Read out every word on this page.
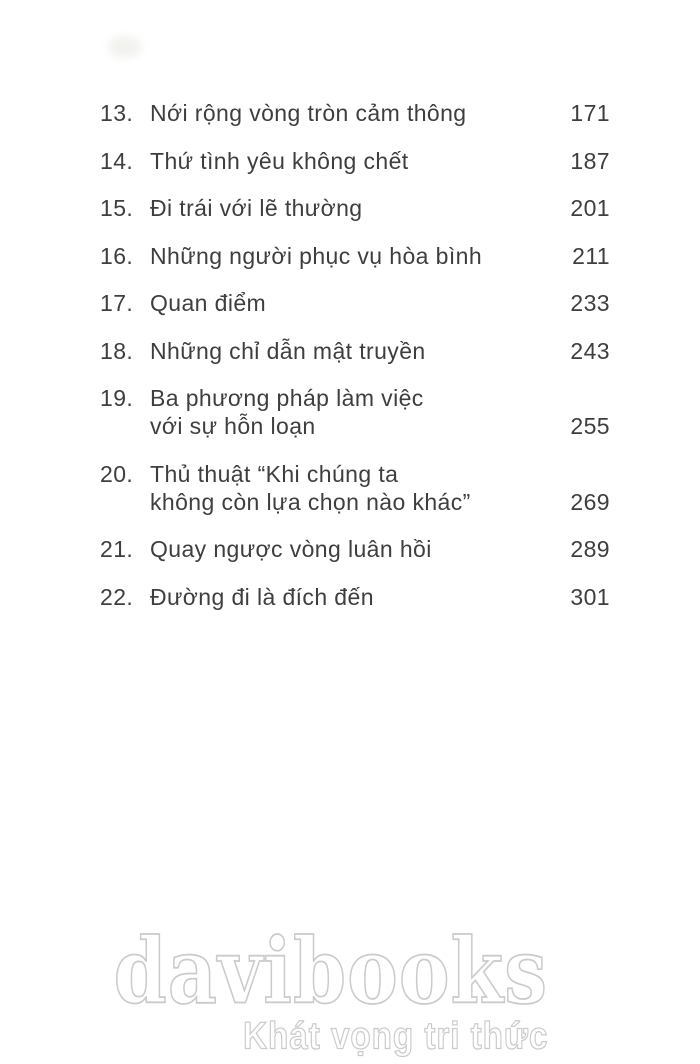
13. Nới rộng vòng tròn cảm thông	171
14. Thứ tình yêu không chết	187
15. Đi trái với lẽ thường	201
16. Những người phục vụ hòa bình	211
17. Quan điểm	233
18. Những chỉ dẫn mật truyền	243
19. Ba phương pháp làm việc
với sự hỗn loạn	255
20. Thủ thuật “Khi chúng ta
không còn lựa chọn nào khác”	269
21. Quay ngược vòng luân hồi	289
22. Đường đi là đích đến	301
davibooks
Khát vọng tri thức
